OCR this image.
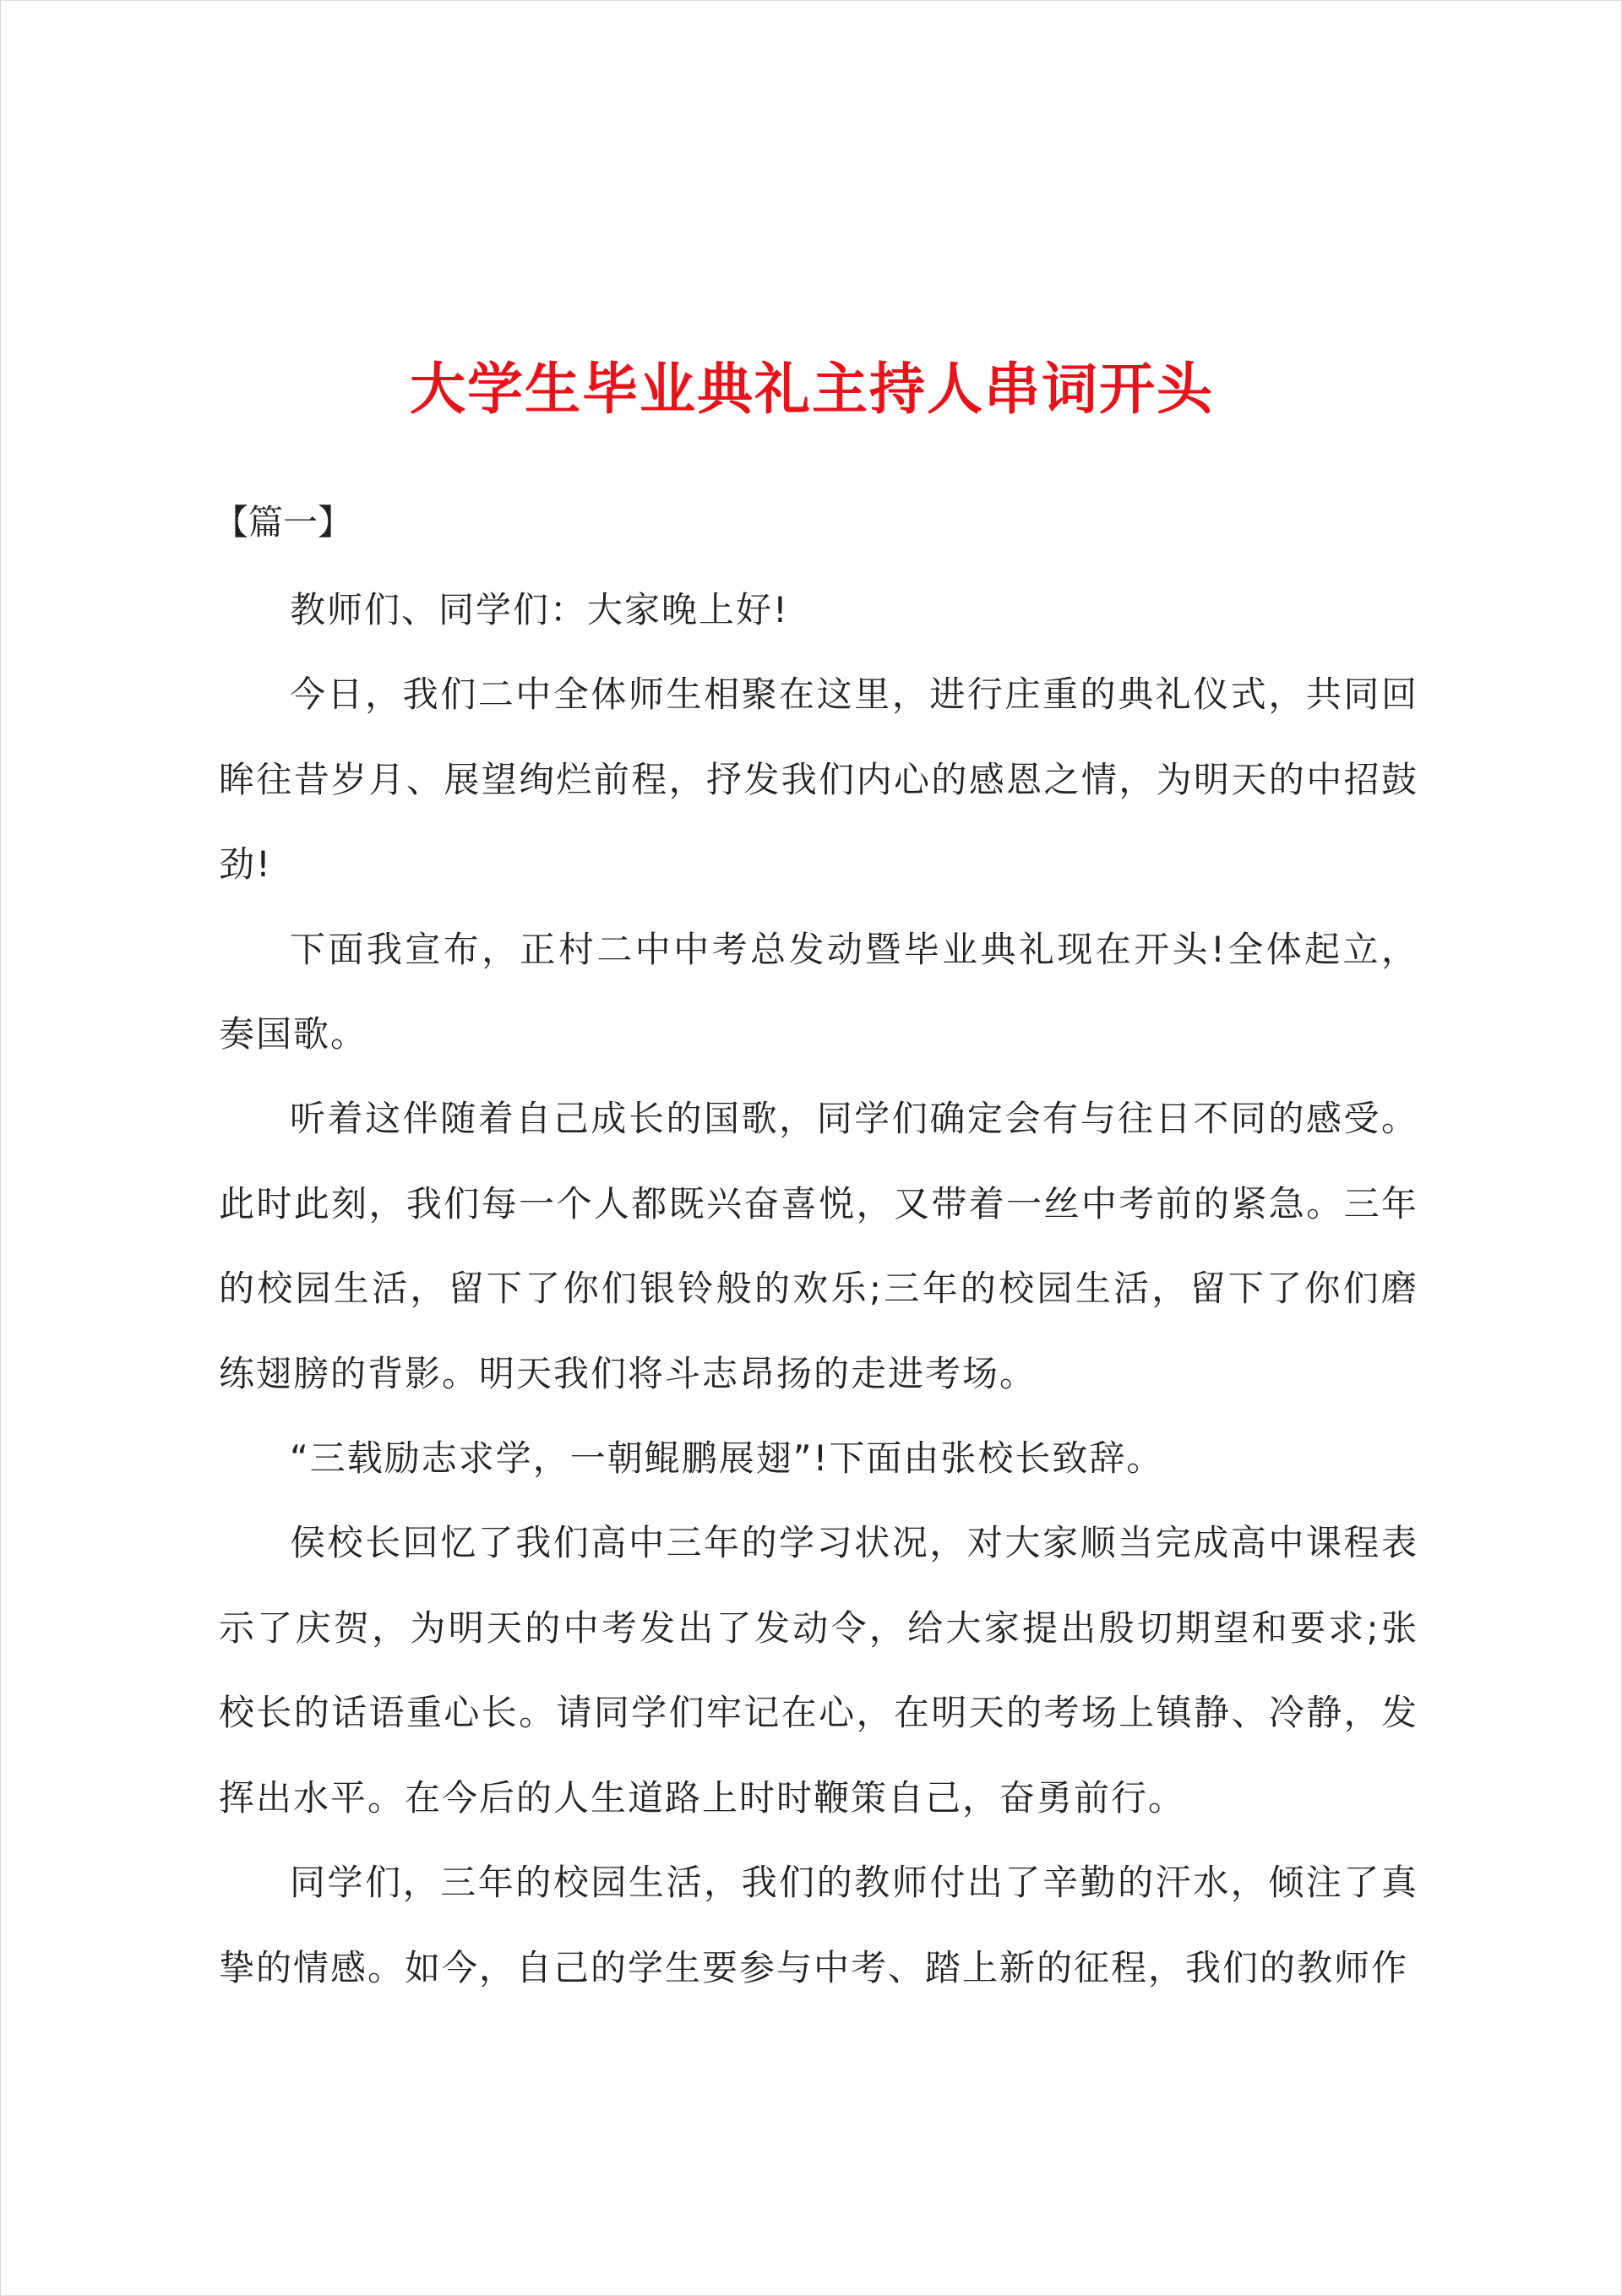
大学生毕业典礼主持人串词开头
【篇一】

教师们、同学们：大家晚上好!

今日，我们二中全体师生相聚在这里，进行庄重的典礼仪式，共同回眸往昔岁月、展望绚烂前程，抒发我们内心的感恩之情，为明天的中招鼓劲!

下面我宣布，正村二中中考总发动暨毕业典礼现在开头!全体起立，奏国歌。

听着这伴随着自己成长的国歌，同学们确定会有与往日不同的感受。此时此刻，我们每一个人都既兴奋喜悦，又带着一丝中考前的紧急。三年的校园生活，留下了你们银铃般的欢乐;三年的校园生活，留下了你们磨练翅膀的背影。明天我们将斗志昂扬的走进考场。

“三载励志求学，一朝鲲鹏展翅”!下面由张校长致辞。

侯校长回忆了我们高中三年的学习状况，对大家顺当完成高中课程表示了庆贺，为明天的中考发出了发动令，给大家提出殷切期望和要求;张校长的话语重心长。请同学们牢记在心，在明天的考场上镇静、冷静，发挥出水平。在今后的人生道路上时时鞭策自己，奋勇前行。

同学们，三年的校园生活，我们的教师付出了辛勤的汗水，倾注了真挚的情感。如今，自己的学生要参与中考、踏上新的征程，我们的教师作
